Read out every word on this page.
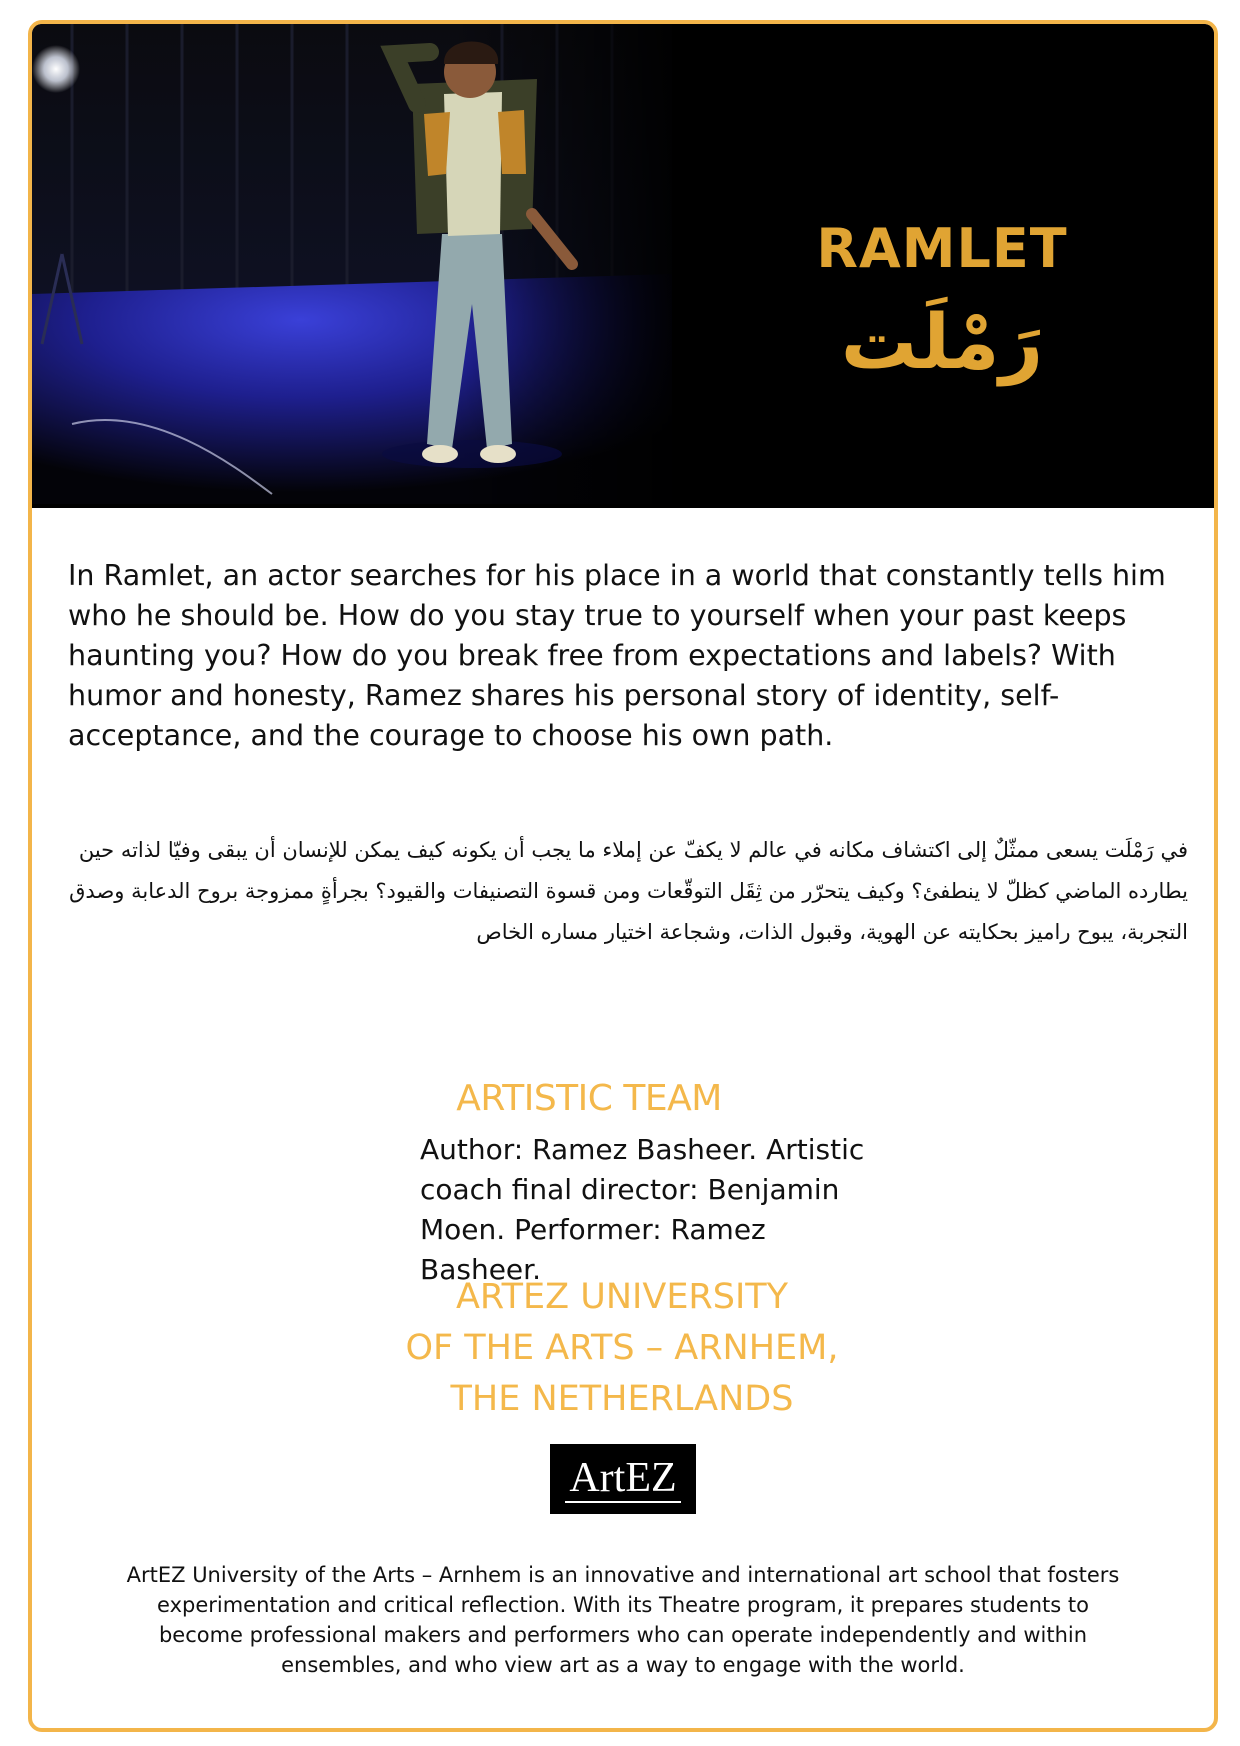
RAMLET
رَمْلَت

In Ramlet, an actor searches for his place in a world that constantly tells him who he should be. How do you stay true to yourself when your past keeps haunting you? How do you break free from expectations and labels? With humor and honesty, Ramez shares his personal story of identity, self-acceptance, and the courage to choose his own path.

في رَمْلَت يسعى ممثّلٌ إلى اكتشاف مكانه في عالم لا يكفّ عن إملاء ما يجب أن يكونه كيف يمكن للإنسان أن يبقى وفيّا لذاته حين يطارده الماضي كظلّ لا ينطفئ؟ وكيف يتحرّر من ثِقَل التوقّعات ومن قسوة التصنيفات والقيود؟ بجرأةٍ ممزوجة بروح الدعابة وصدق التجربة، يبوح راميز بحكايته عن الهوية، وقبول الذات، وشجاعة اختيار مساره الخاص

ARTISTIC TEAM

Author: Ramez Basheer. Artistic coach final director: Benjamin Moen. Performer: Ramez Basheer.

ARTEZ UNIVERSITY
OF THE ARTS – ARNHEM,
THE NETHERLANDS
ArtEZ

ArtEZ University of the Arts – Arnhem is an innovative and international art school that fosters experimentation and critical reflection. With its Theatre program, it prepares students to become professional makers and performers who can operate independently and within ensembles, and who view art as a way to engage with the world.
